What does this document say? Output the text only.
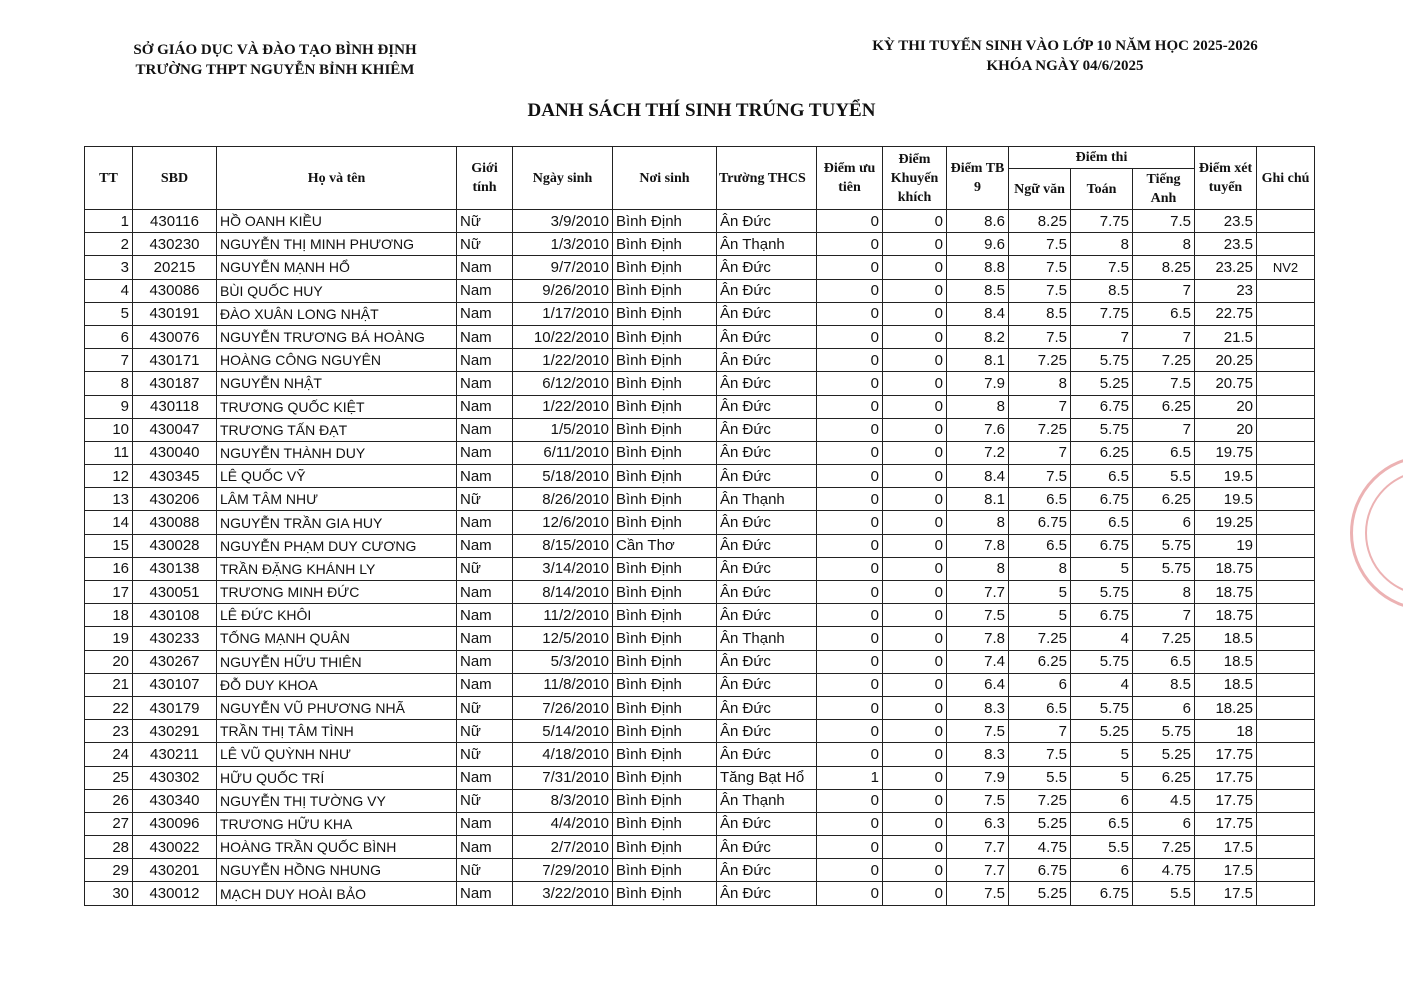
SỞ GIÁO DỤC VÀ ĐÀO TẠO BÌNH ĐỊNH
TRƯỜNG THPT NGUYỄN BỈNH KHIÊM
KỲ THI TUYỂN SINH VÀO LỚP 10 NĂM HỌC 2025-2026
KHÓA NGÀY 04/6/2025
DANH SÁCH THÍ SINH TRÚNG TUYỂN
TT	SBD	Họ và tên	Giới tính	Ngày sinh	Nơi sinh	Trường THCS	Điểm ưu tiên	Điểm Khuyến khích	Điểm TB 9	Điểm thi			Điểm xét tuyển	Ghi chú
										Ngữ văn	Toán	Tiếng Anh		
1	430116	HỒ OANH KIỀU	Nữ	3/9/2010	Bình Định	Ân Đức	0	0	8.6	8.25	7.75	7.5	23.5	
2	430230	NGUYỄN THỊ MINH PHƯƠNG	Nữ	1/3/2010	Bình Định	Ân Thạnh	0	0	9.6	7.5	8	8	23.5	
3	20215	NGUYỄN MẠNH HỔ	Nam	9/7/2010	Bình Định	Ân Đức	0	0	8.8	7.5	7.5	8.25	23.25	NV2
4	430086	BÙI QUỐC HUY	Nam	9/26/2010	Bình Định	Ân Đức	0	0	8.5	7.5	8.5	7	23	
5	430191	ĐÀO XUÂN LONG NHẬT	Nam	1/17/2010	Bình Định	Ân Đức	0	0	8.4	8.5	7.75	6.5	22.75	
6	430076	NGUYỄN TRƯƠNG BÁ HOÀNG	Nam	10/22/2010	Bình Định	Ân Đức	0	0	8.2	7.5	7	7	21.5	
7	430171	HOÀNG CÔNG NGUYÊN	Nam	1/22/2010	Bình Định	Ân Đức	0	0	8.1	7.25	5.75	7.25	20.25	
8	430187	NGUYỄN NHẬT	Nam	6/12/2010	Bình Định	Ân Đức	0	0	7.9	8	5.25	7.5	20.75	
9	430118	TRƯƠNG QUỐC KIỆT	Nam	1/22/2010	Bình Định	Ân Đức	0	0	8	7	6.75	6.25	20	
10	430047	TRƯƠNG TẤN ĐẠT	Nam	1/5/2010	Bình Định	Ân Đức	0	0	7.6	7.25	5.75	7	20	
11	430040	NGUYỄN THÀNH DUY	Nam	6/11/2010	Bình Định	Ân Đức	0	0	7.2	7	6.25	6.5	19.75	
12	430345	LÊ QUỐC VỸ	Nam	5/18/2010	Bình Định	Ân Đức	0	0	8.4	7.5	6.5	5.5	19.5	
13	430206	LÂM TÂM NHƯ	Nữ	8/26/2010	Bình Định	Ân Thạnh	0	0	8.1	6.5	6.75	6.25	19.5	
14	430088	NGUYỄN TRẦN GIA HUY	Nam	12/6/2010	Bình Định	Ân Đức	0	0	8	6.75	6.5	6	19.25	
15	430028	NGUYỄN PHẠM DUY CƯƠNG	Nam	8/15/2010	Cần Thơ	Ân Đức	0	0	7.8	6.5	6.75	5.75	19	
16	430138	TRẦN ĐẶNG KHÁNH LY	Nữ	3/14/2010	Bình Định	Ân Đức	0	0	8	8	5	5.75	18.75	
17	430051	TRƯƠNG MINH ĐỨC	Nam	8/14/2010	Bình Định	Ân Đức	0	0	7.7	5	5.75	8	18.75	
18	430108	LÊ ĐỨC KHÔI	Nam	11/2/2010	Bình Định	Ân Đức	0	0	7.5	5	6.75	7	18.75	
19	430233	TỐNG MẠNH QUÂN	Nam	12/5/2010	Bình Định	Ân Thạnh	0	0	7.8	7.25	4	7.25	18.5	
20	430267	NGUYỄN HỮU THIÊN	Nam	5/3/2010	Bình Định	Ân Đức	0	0	7.4	6.25	5.75	6.5	18.5	
21	430107	ĐỖ DUY KHOA	Nam	11/8/2010	Bình Định	Ân Đức	0	0	6.4	6	4	8.5	18.5	
22	430179	NGUYỄN VŨ PHƯƠNG NHÃ	Nữ	7/26/2010	Bình Định	Ân Đức	0	0	8.3	6.5	5.75	6	18.25	
23	430291	TRẦN THỊ TÂM TÌNH	Nữ	5/14/2010	Bình Định	Ân Đức	0	0	7.5	7	5.25	5.75	18	
24	430211	LÊ VŨ QUỲNH NHƯ	Nữ	4/18/2010	Bình Định	Ân Đức	0	0	8.3	7.5	5	5.25	17.75	
25	430302	HỮU QUỐC TRÍ	Nam	7/31/2010	Bình Định	Tăng Bạt Hổ	1	0	7.9	5.5	5	6.25	17.75	
26	430340	NGUYỄN THỊ TƯỜNG VY	Nữ	8/3/2010	Bình Định	Ân Thạnh	0	0	7.5	7.25	6	4.5	17.75	
27	430096	TRƯƠNG HỮU KHA	Nam	4/4/2010	Bình Định	Ân Đức	0	0	6.3	5.25	6.5	6	17.75	
28	430022	HOÀNG TRẦN QUỐC BÌNH	Nam	2/7/2010	Bình Định	Ân Đức	0	0	7.7	4.75	5.5	7.25	17.5	
29	430201	NGUYỄN HỒNG NHUNG	Nữ	7/29/2010	Bình Định	Ân Đức	0	0	7.7	6.75	6	4.75	17.5	
30	430012	MẠCH DUY HOÀI BẢO	Nam	3/22/2010	Bình Định	Ân Đức	0	0	7.5	5.25	6.75	5.5	17.5	
